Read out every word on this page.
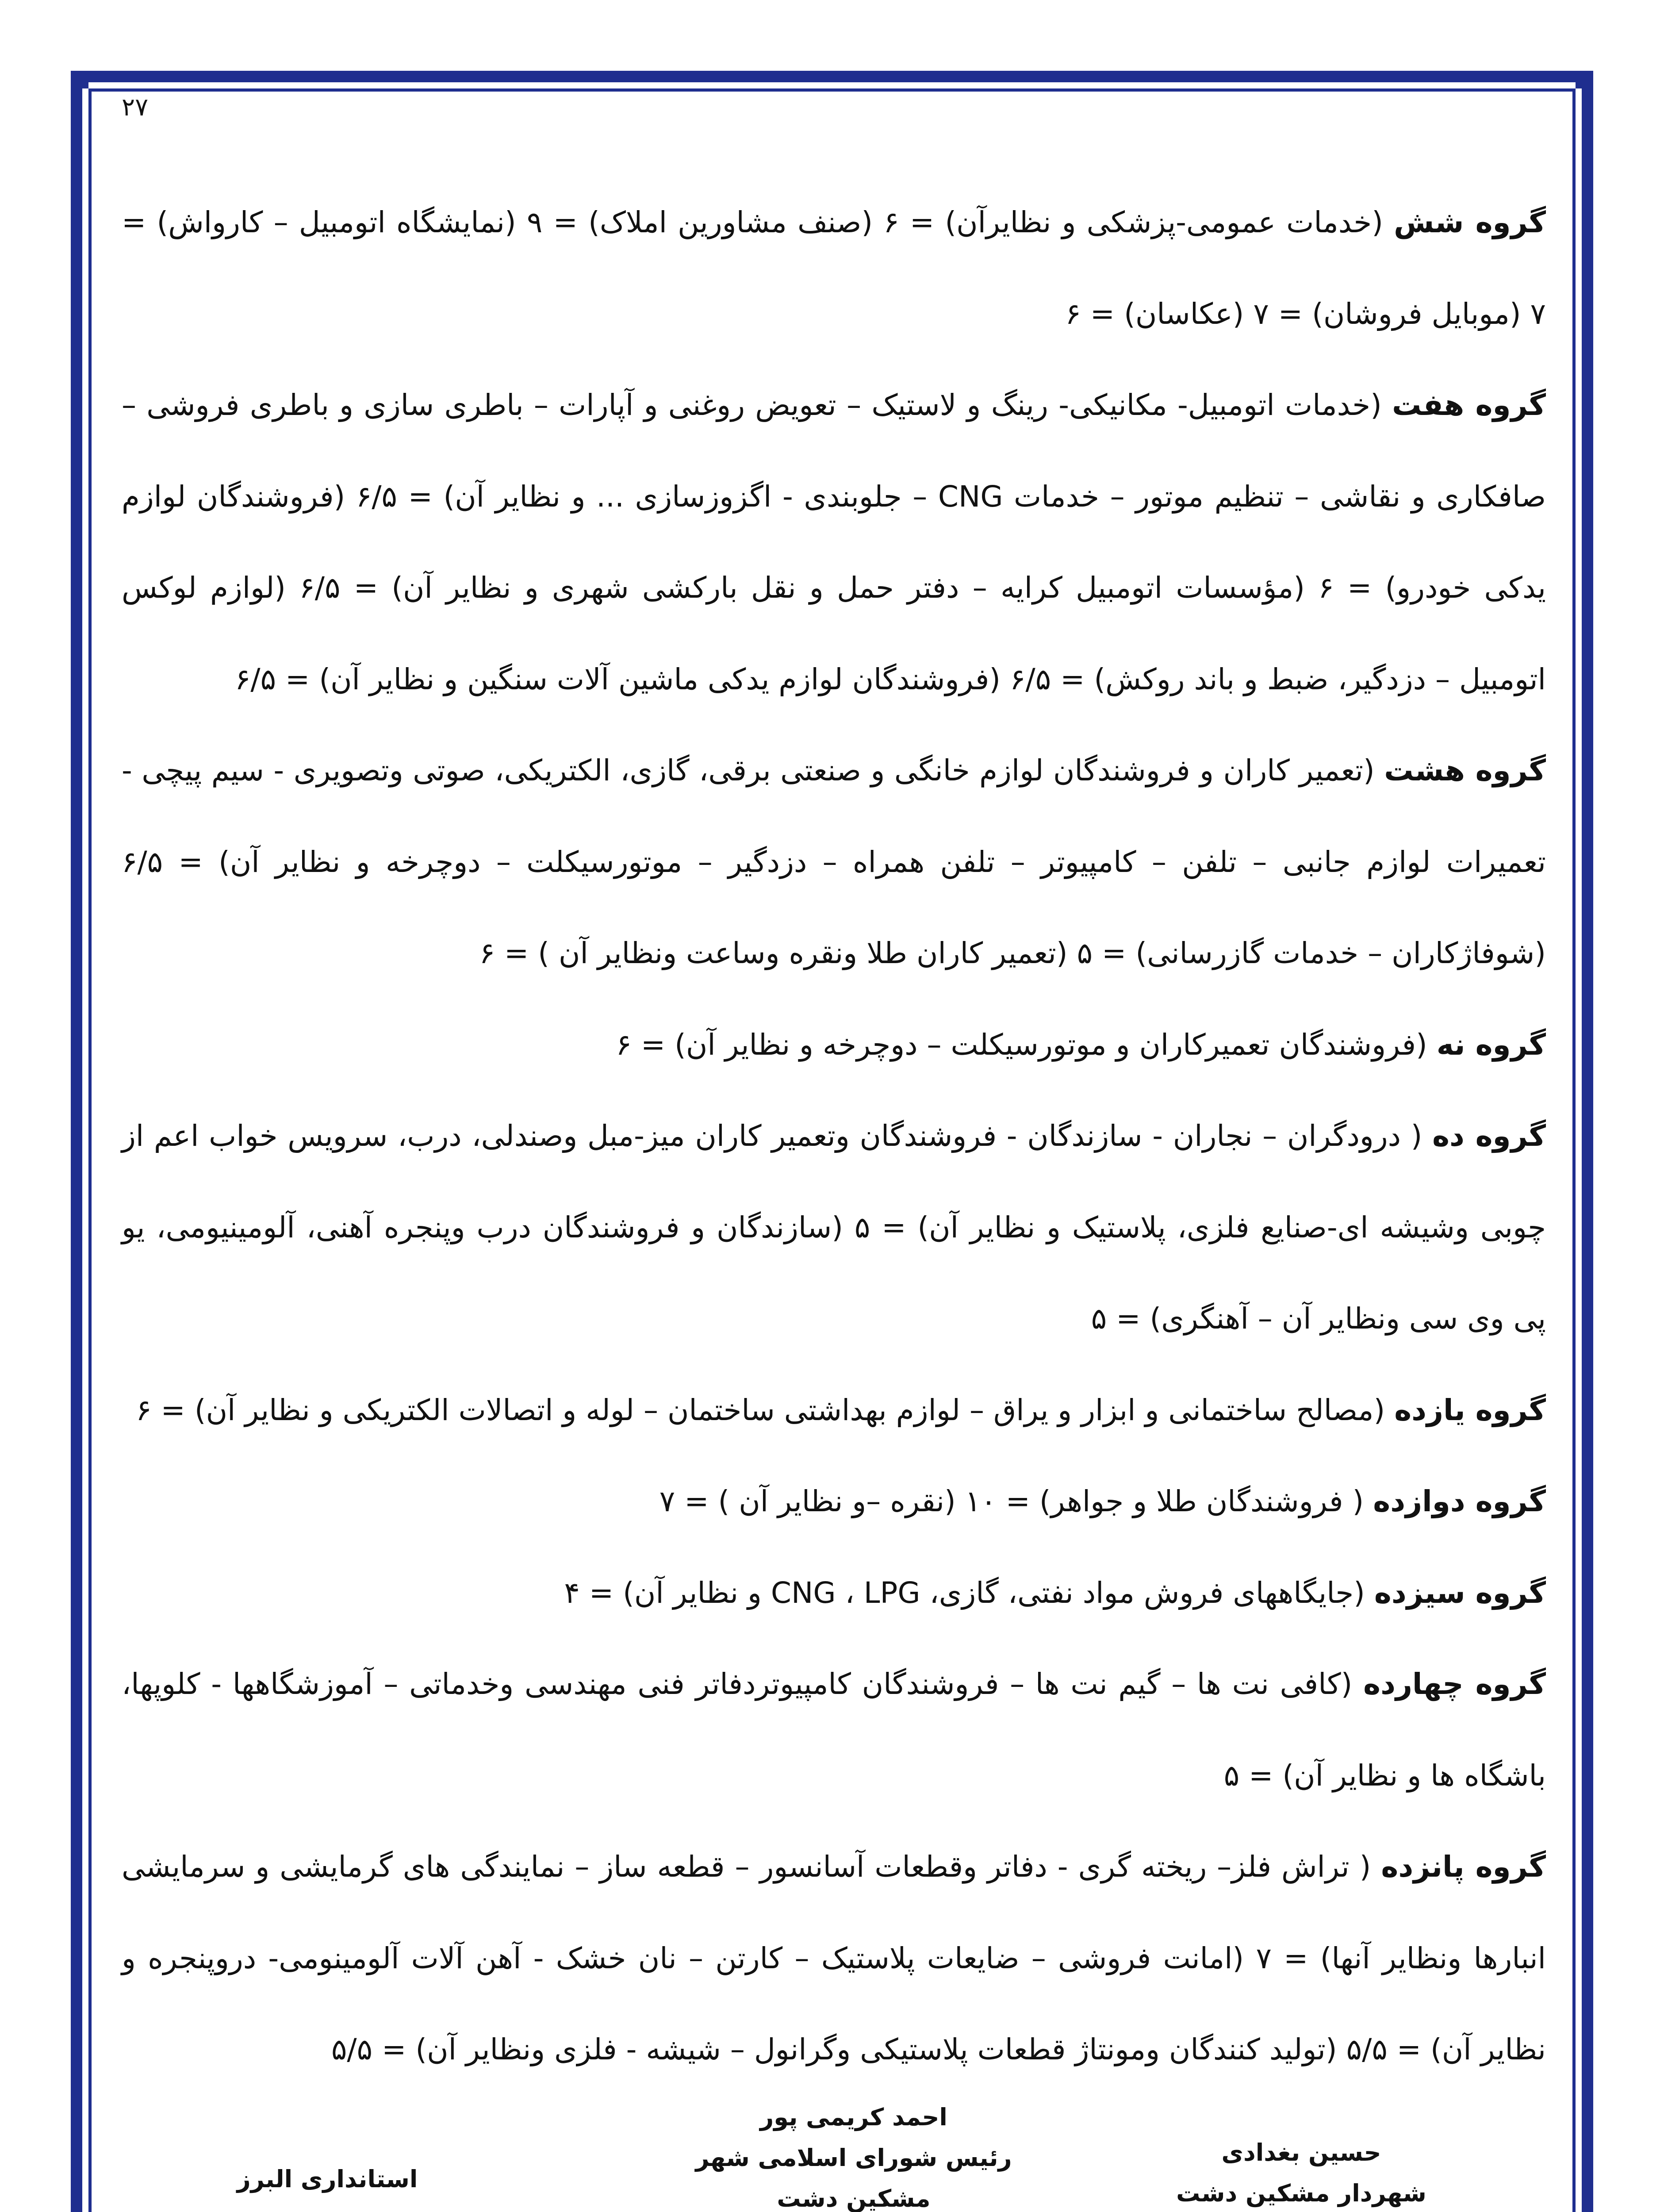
۲۷

گروه شش (خدمات عمومی-پزشکی و نظایرآن) = ۶ (صنف مشاورین املاک) = ۹ (نمایشگاه اتومبیل – کارواش) = ۷ (موبایل فروشان) = ۷ (عکاسان) = ۶

گروه هفت (خدمات اتومبیل- مکانیکی- رینگ و لاستیک – تعویض روغنی و آپارات – باطری سازی و باطری فروشی – صافکاری و نقاشی – تنظیم موتور – خدمات CNG – جلوبندی - اگزوزسازی ... و نظایر آن) = ۶/۵ (فروشندگان لوازم یدکی خودرو) = ۶ (مؤسسات اتومبیل کرایه – دفتر حمل و نقل بارکشی شهری و نظایر آن) = ۶/۵ (لوازم لوکس اتومبیل – دزدگیر، ضبط و باند روکش) = ۶/۵ (فروشندگان لوازم یدکی ماشین آلات سنگین و نظایر آن) = ۶/۵

گروه هشت (تعمیر کاران و فروشندگان لوازم خانگی و صنعتی برقی، گازی، الکتریکی، صوتی وتصویری - سیم پیچی - تعمیرات لوازم جانبی – تلفن – کامپیوتر – تلفن همراه – دزدگیر – موتورسیکلت – دوچرخه و نظایر آن) = ۶/۵ (شوفاژکاران – خدمات گازرسانی) = ۵ (تعمیر کاران طلا ونقره وساعت ونظایر آن ) = ۶

گروه نه (فروشندگان تعمیرکاران و موتورسیکلت – دوچرخه و نظایر آن) = ۶

گروه ده ( درودگران – نجاران - سازندگان - فروشندگان وتعمیر کاران میز-مبل وصندلی، درب، سرویس خواب اعم از چوبی وشیشه ای-صنایع فلزی، پلاستیک و نظایر آن) = ۵ (سازندگان و فروشندگان درب وپنجره آهنی، آلومینیومی، یو پی وی سی ونظایر آن – آهنگری) = ۵

گروه یازده (مصالح ساختمانی و ابزار و یراق – لوازم بهداشتی ساختمان – لوله و اتصالات الکتریکی و نظایر آن) = ۶

گروه دوازده ( فروشندگان طلا و جواهر) = ۱۰ (نقره –و نظایر آن ) = ۷

گروه سیزده (جایگاههای فروش مواد نفتی، گازی، CNG ، LPG و نظایر آن) = ۴

گروه چهارده (کافی نت ها – گیم نت ها – فروشندگان کامپیوتردفاتر فنی مهندسی وخدماتی – آموزشگاهها - کلوپها، باشگاه ها و نظایر آن) = ۵

گروه پانزده ( تراش فلز– ریخته گری - دفاتر وقطعات آسانسور – قطعه ساز – نمایندگی های گرمایشی و سرمایشی انبارها ونظایر آنها) = ۷ (امانت فروشی – ضایعات پلاستیک – کارتن – نان خشک - آهن آلات آلومینومی- دروپنجره و نظایر آن) = ۵/۵ (تولید کنندگان ومونتاژ قطعات پلاستیکی وگرانول – شیشه - فلزی ونظایر آن) = ۵/۵

حسین بغدادی
شهردار مشکین دشت
احمد کریمی پور
رئیس شورای اسلامی شهر
مشکین دشت
استانداری البرز
